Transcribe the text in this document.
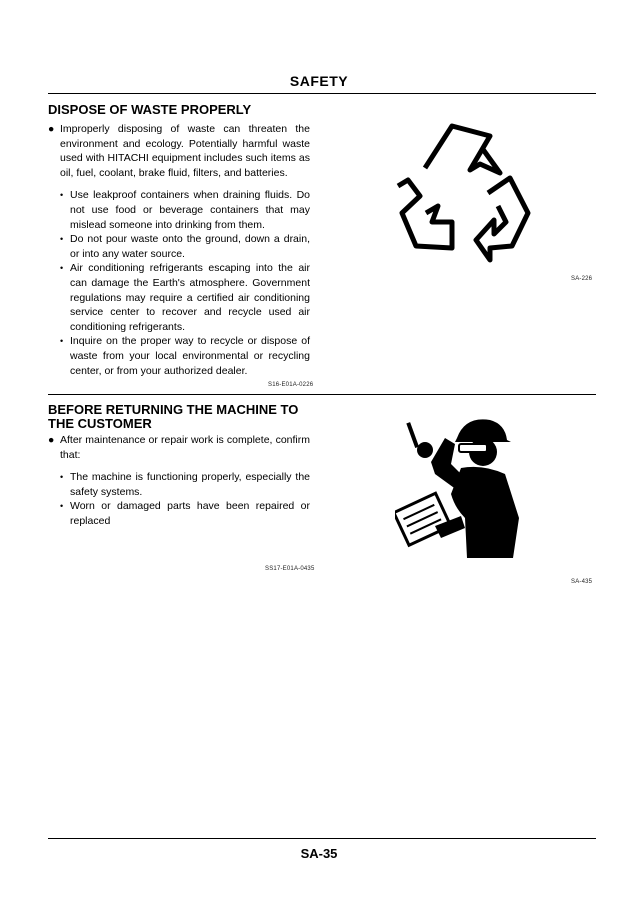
SAFETY
DISPOSE OF WASTE PROPERLY
● Improperly disposing of waste can threaten the environment and ecology. Potentially harmful waste used with HITACHI equipment includes such items as oil, fuel, coolant, brake fluid, filters, and batteries.
• Use leakproof containers when draining fluids. Do not use food or beverage containers that may mislead someone into drinking from them.
• Do not pour waste onto the ground, down a drain, or into any water source.
• Air conditioning refrigerants escaping into the air can damage the Earth's atmosphere. Government regulations may require a certified air conditioning service center to recover and recycle used air conditioning refrigerants.
• Inquire on the proper way to recycle or dispose of waste from your local environmental or recycling center, or from your authorized dealer.
S16-E01A-0226
SA-226
BEFORE RETURNING THE MACHINE TO THE CUSTOMER
● After maintenance or repair work is complete, confirm that:
• The machine is functioning properly, especially the safety systems.
• Worn or damaged parts have been repaired or replaced
SS17-E01A-0435
SA-435
SA-35
